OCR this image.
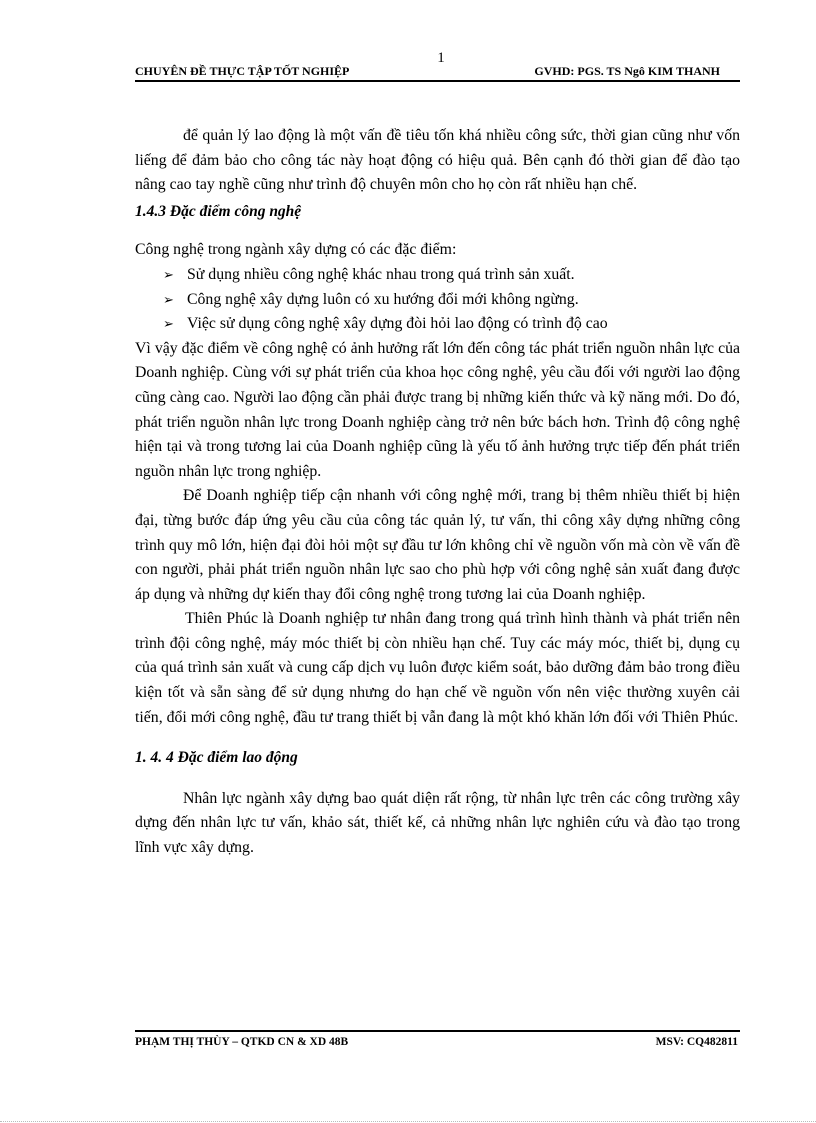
1
CHUYÊN ĐỀ THỰC TẬP TỐT NGHIỆP	GVHD: PGS. TS Ngô KIM THANH

để quản lý lao động là một vấn đề tiêu tốn khá nhiều công sức, thời gian cũng như vốn liếng để đảm bảo cho công tác này hoạt động có hiệu quả. Bên cạnh đó thời gian để đào tạo nâng cao tay nghề cũng như trình độ chuyên môn cho họ còn rất nhiều hạn chế.

1.4.3 Đặc điểm công nghệ

Công nghệ trong ngành xây dựng có các đặc điểm:

➢ Sử dụng nhiều công nghệ khác nhau trong quá trình sản xuất.
➢ Công nghệ xây dựng luôn có xu hướng đổi mới không ngừng.
➢ Việc sử dụng công nghệ xây dựng đòi hỏi lao động có trình độ cao

Vì vậy đặc điểm về công nghệ có ảnh hưởng rất lớn đến công tác phát triển nguồn nhân lực của Doanh nghiệp. Cùng với sự phát triển của khoa học công nghệ, yêu cầu đối với người lao động cũng càng cao. Người lao động cần phải được trang bị những kiến thức và kỹ năng mới. Do đó, phát triển nguồn nhân lực trong Doanh nghiệp càng trở nên bức bách hơn. Trình độ công nghệ hiện tại và trong tương lai của Doanh nghiệp cũng là yếu tố ảnh hưởng trực tiếp đến phát triển nguồn nhân lực trong nghiệp.

Để Doanh nghiệp tiếp cận nhanh với công nghệ mới, trang bị thêm nhiều thiết bị hiện đại, từng bước đáp ứng yêu cầu của công tác quản lý, tư vấn, thi công xây dựng những công trình quy mô lớn, hiện đại đòi hỏi một sự đầu tư lớn không chỉ về nguồn vốn mà còn về vấn đề con người, phải phát triển nguồn nhân lực sao cho phù hợp với công nghệ sản xuất đang được áp dụng và những dự kiến thay đổi công nghệ trong tương lai của Doanh nghiệp.

Thiên Phúc là Doanh nghiệp tư nhân đang trong quá trình hình thành và phát triển nên trình đội công nghệ, máy móc thiết bị còn nhiều hạn chế. Tuy các máy móc, thiết bị, dụng cụ của quá trình sản xuất và cung cấp dịch vụ luôn được kiểm soát, bảo dưỡng đảm bảo trong điều kiện tốt và sẵn sàng để sử dụng nhưng do hạn chế về nguồn vốn nên việc thường xuyên cải tiến, đổi mới công nghệ, đầu tư trang thiết bị vẫn đang là một khó khăn lớn đối với Thiên Phúc.

1. 4. 4 Đặc điểm lao động

Nhân lực ngành xây dựng bao quát diện rất rộng, từ nhân lực trên các công trường xây dựng đến nhân lực tư vấn, khảo sát, thiết kế, cả những nhân lực nghiên cứu và đào tạo trong lĩnh vực xây dựng.

PHẠM THỊ THÙY – QTKD CN & XD 48B	MSV: CQ482811
